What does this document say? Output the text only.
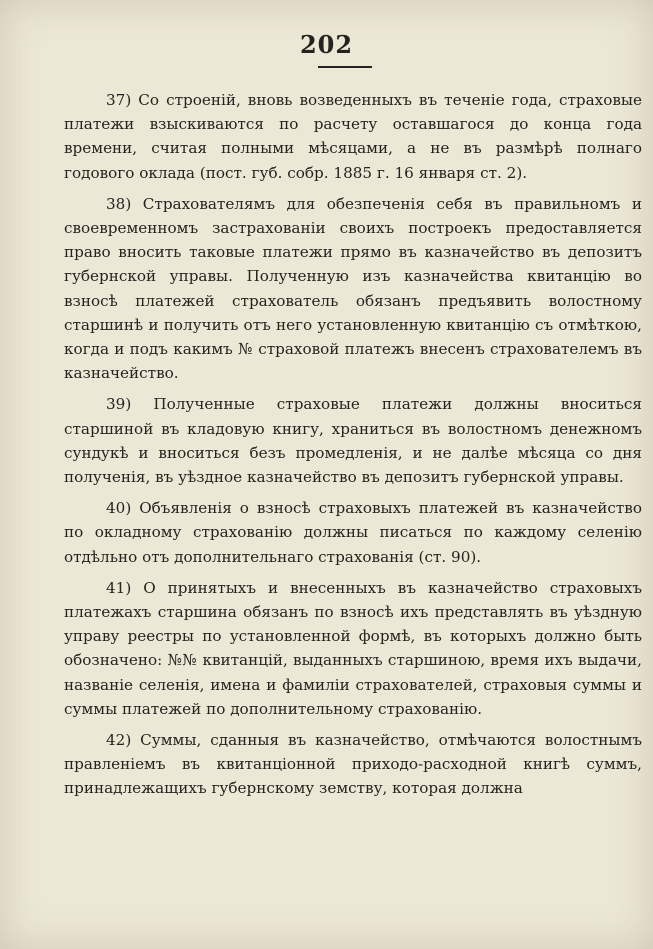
202

37) Со строеній, вновь возведенныхъ въ теченіе года, страховые платежи взыскиваются по расчету оставшагося до конца года времени, считая полными мѣсяцами, а не въ размѣрѣ полнаго годового оклада (пост. губ. собр. 1885 г. 16 января ст. 2).

38) Страхователямъ для обезпеченія себя въ правильномъ и своевременномъ застрахованіи своихъ построекъ предоставляется право вносить таковые платежи прямо въ казначейство въ депозитъ губернской управы. Полученную изъ казначейства квитанцію во взносѣ платежей страхователь обязанъ предъявить волостному старшинѣ и получить отъ него установленную квитанцію съ отмѣткою, когда и подъ какимъ № страховой платежъ внесенъ страхователемъ въ казначейство.

39) Полученные страховые платежи должны вноситься старшиной въ кладовую книгу, храниться въ волостномъ денежномъ сундукѣ и вноситься безъ промедленія, и не далѣе мѣсяца со дня полученія, въ уѣздное казначейство въ депозитъ губернской управы.

40) Объявленія о взносѣ страховыхъ платежей въ казначейство по окладному страхованію должны писаться по каждому селенію отдѣльно отъ дополнительнаго страхованія (ст. 90).

41) О принятыхъ и внесенныхъ въ казначейство страховыхъ платежахъ старшина обязанъ по взносѣ ихъ представлять въ уѣздную управу реестры по установленной формѣ, въ которыхъ должно быть обозначено: №№ квитанцій, выданныхъ старшиною, время ихъ выдачи, названіе селенія, имена и фамиліи страхователей, страховыя суммы и суммы платежей по дополнительному страхованію.

42) Суммы, сданныя въ казначейство, отмѣчаются волостнымъ правленіемъ въ квитанціонной приходо-расходной книгѣ суммъ, принадлежащихъ губернскому земству, которая должна
